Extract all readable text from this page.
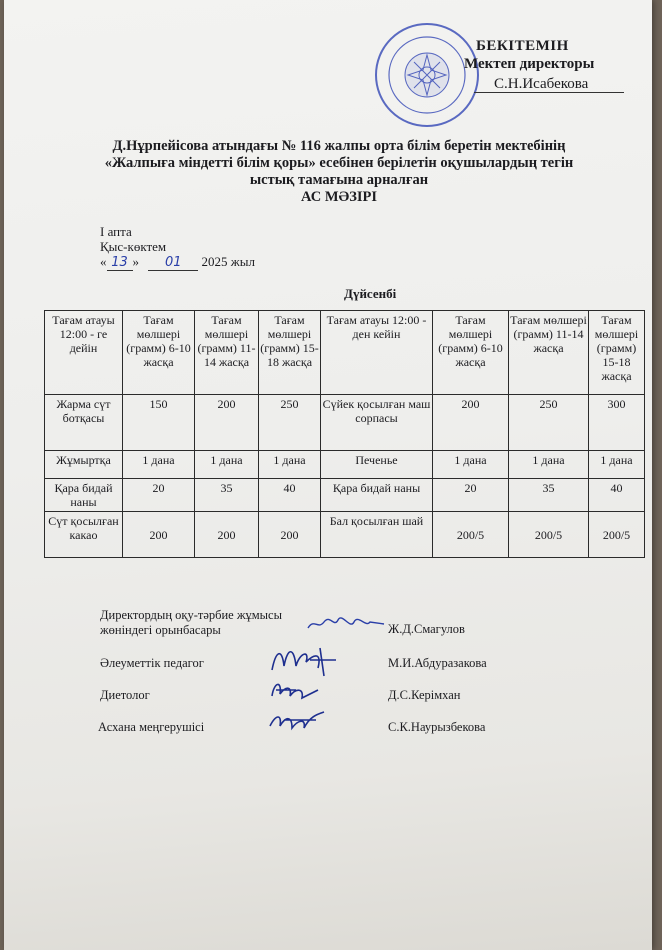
БЕКІТЕМІН
Мектеп директоры
С.Н.Исабекова
Д.Нұрпейісова атындағы № 116 жалпы орта білім беретін мектебінің
«Жалпыға міндетті білім қоры» есебінен берілетін оқушылардың тегін
ыстық тамағына арналған
АС МӘЗІРІ
І апта
Қыс-көктем
« 13 » 01 2025 жыл
Дүйсенбі
Тағам атауы 12:00 - ге дейін	Тағам мөлшері (грамм) 6-10 жасқа	Тағам мөлшері (грамм) 11-14 жасқа	Тағам мөлшері (грамм) 15-18 жасқа	Тағам атауы 12:00 - ден кейін	Тағам мөлшері (грамм) 6-10 жасқа	Тағам мөлшері (грамм) 11-14 жасқа	Тағам мөлшері (грамм) 15-18 жасқа
Жарма сүт ботқасы	150	200	250	Сүйек қосылған маш сорпасы	200	250	300
Жұмыртқа	1 дана	1 дана	1 дана	Печенье	1 дана	1 дана	1 дана
Қара бидай наны	20	35	40	Қара бидай наны	20	35	40
Сүт қосылған какао	200	200	200	Бал қосылған шай	200/5	200/5	200/5
Директордың оқу-тәрбие жұмысы
жөніндегі орынбасары	Ж.Д.Смагулов
Әлеуметтік педагог	М.И.Абдуразакова
Диетолог	Д.С.Керімхан
Асхана меңгерушісі	С.К.Наурызбекова
